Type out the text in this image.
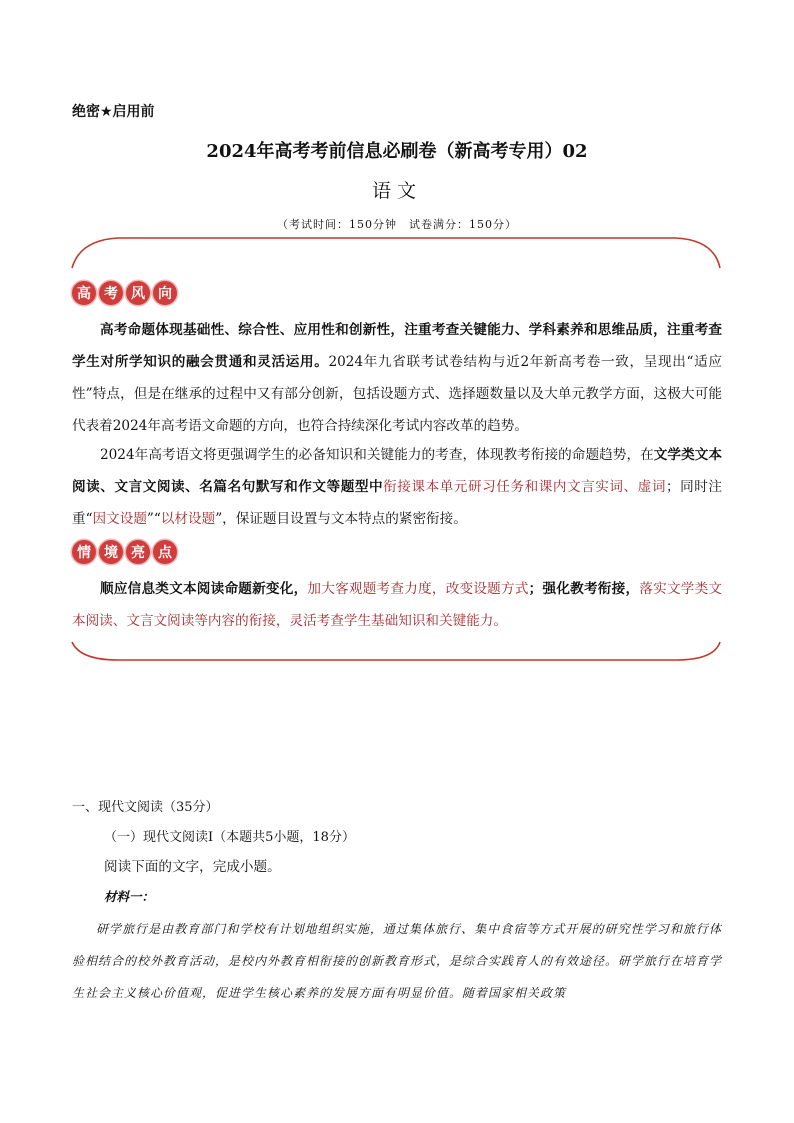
绝密★启用前
2024年高考考前信息必刷卷（新高考专用）02
语文
（考试时间：150分钟　试卷满分：150分）
高 考 风 向
高考命题体现基础性、综合性、应用性和创新性，注重考查关键能力、学科素养和思维品质，注重考查学生对所学知识的融会贯通和灵活运用。2024年九省联考试卷结构与近2年新高考卷一致，呈现出“适应性”特点，但是在继承的过程中又有部分创新，包括设题方式、选择题数量以及大单元教学方面，这极大可能代表着2024年高考语文命题的方向，也符合持续深化考试内容改革的趋势。
2024年高考语文将更强调学生的必备知识和关键能力的考查，体现教考衔接的命题趋势，在文学类文本阅读、文言文阅读、名篇名句默写和作文等题型中衔接课本单元研习任务和课内文言实词、虚词；同时注重“因文设题”“以材设题”，保证题目设置与文本特点的紧密衔接。
情 境 亮 点
顺应信息类文本阅读命题新变化，加大客观题考查力度，改变设题方式；强化教考衔接，落实文学类文本阅读、文言文阅读等内容的衔接，灵活考查学生基础知识和关键能力。
一、现代文阅读（35分）
（一）现代文阅读Ⅰ（本题共5小题，18分）
阅读下面的文字，完成小题。
材料一：
研学旅行是由教育部门和学校有计划地组织实施，通过集体旅行、集中食宿等方式开展的研究性学习和旅行体验相结合的校外教育活动，是校内外教育相衔接的创新教育形式，是综合实践育人的有效途径。研学旅行在培育学生社会主义核心价值观，促进学生核心素养的发展方面有明显价值。随着国家相关政策
